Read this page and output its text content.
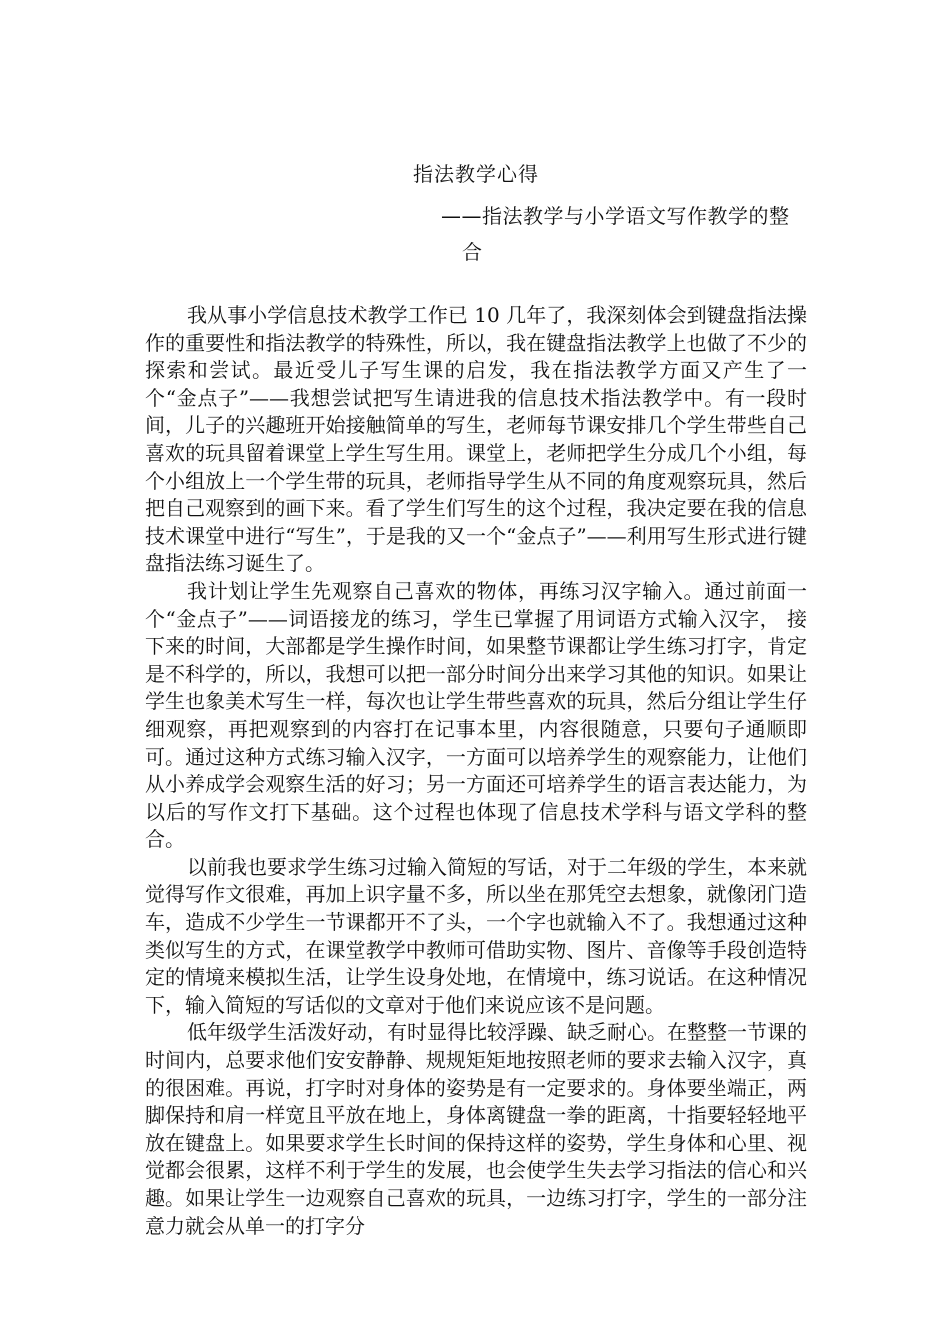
指法教学心得
——指法教学与小学语文写作教学的整
合

我从事小学信息技术教学工作已 10 几年了，我深刻体会到键盘指法操作的重要性和指法教学的特殊性，所以，我在键盘指法教学上也做了不少的探索和尝试。最近受儿子写生课的启发，我在指法教学方面又产生了一个“金点子”——我想尝试把写生请进我的信息技术指法教学中。有一段时间，儿子的兴趣班开始接触简单的写生，老师每节课安排几个学生带些自己喜欢的玩具留着课堂上学生写生用。课堂上，老师把学生分成几个小组，每个小组放上一个学生带的玩具，老师指导学生从不同的角度观察玩具，然后把自己观察到的画下来。看了学生们写生的这个过程，我决定要在我的信息技术课堂中进行“写生”，于是我的又一个“金点子”——利用写生形式进行键盘指法练习诞生了。

我计划让学生先观察自己喜欢的物体，再练习汉字输入。通过前面一个“金点子”——词语接龙的练习，学生已掌握了用词语方式输入汉字， 接下来的时间，大部都是学生操作时间，如果整节课都让学生练习打字，肯定是不科学的，所以，我想可以把一部分时间分出来学习其他的知识。如果让学生也象美术写生一样，每次也让学生带些喜欢的玩具，然后分组让学生仔细观察，再把观察到的内容打在记事本里，内容很随意，只要句子通顺即可。通过这种方式练习输入汉字，一方面可以培养学生的观察能力，让他们从小养成学会观察生活的好习；另一方面还可培养学生的语言表达能力，为以后的写作文打下基础。这个过程也体现了信息技术学科与语文学科的整合。

以前我也要求学生练习过输入简短的写话，对于二年级的学生，本来就觉得写作文很难，再加上识字量不多，所以坐在那凭空去想象，就像闭门造车，造成不少学生一节课都开不了头，一个字也就输入不了。我想通过这种类似写生的方式，在课堂教学中教师可借助实物、图片、音像等手段创造特定的情境来模拟生活，让学生设身处地，在情境中，练习说话。在这种情况下，输入简短的写话似的文章对于他们来说应该不是问题。

低年级学生活泼好动，有时显得比较浮躁、缺乏耐心。在整整一节课的时间内，总要求他们安安静静、规规矩矩地按照老师的要求去输入汉字，真的很困难。再说，打字时对身体的姿势是有一定要求的。身体要坐端正，两脚保持和肩一样宽且平放在地上，身体离键盘一拳的距离，十指要轻轻地平放在键盘上。如果要求学生长时间的保持这样的姿势，学生身体和心里、视觉都会很累，这样不利于学生的发展，也会使学生失去学习指法的信心和兴趣。如果让学生一边观察自己喜欢的玩具，一边练习打字，学生的一部分注意力就会从单一的打字分
